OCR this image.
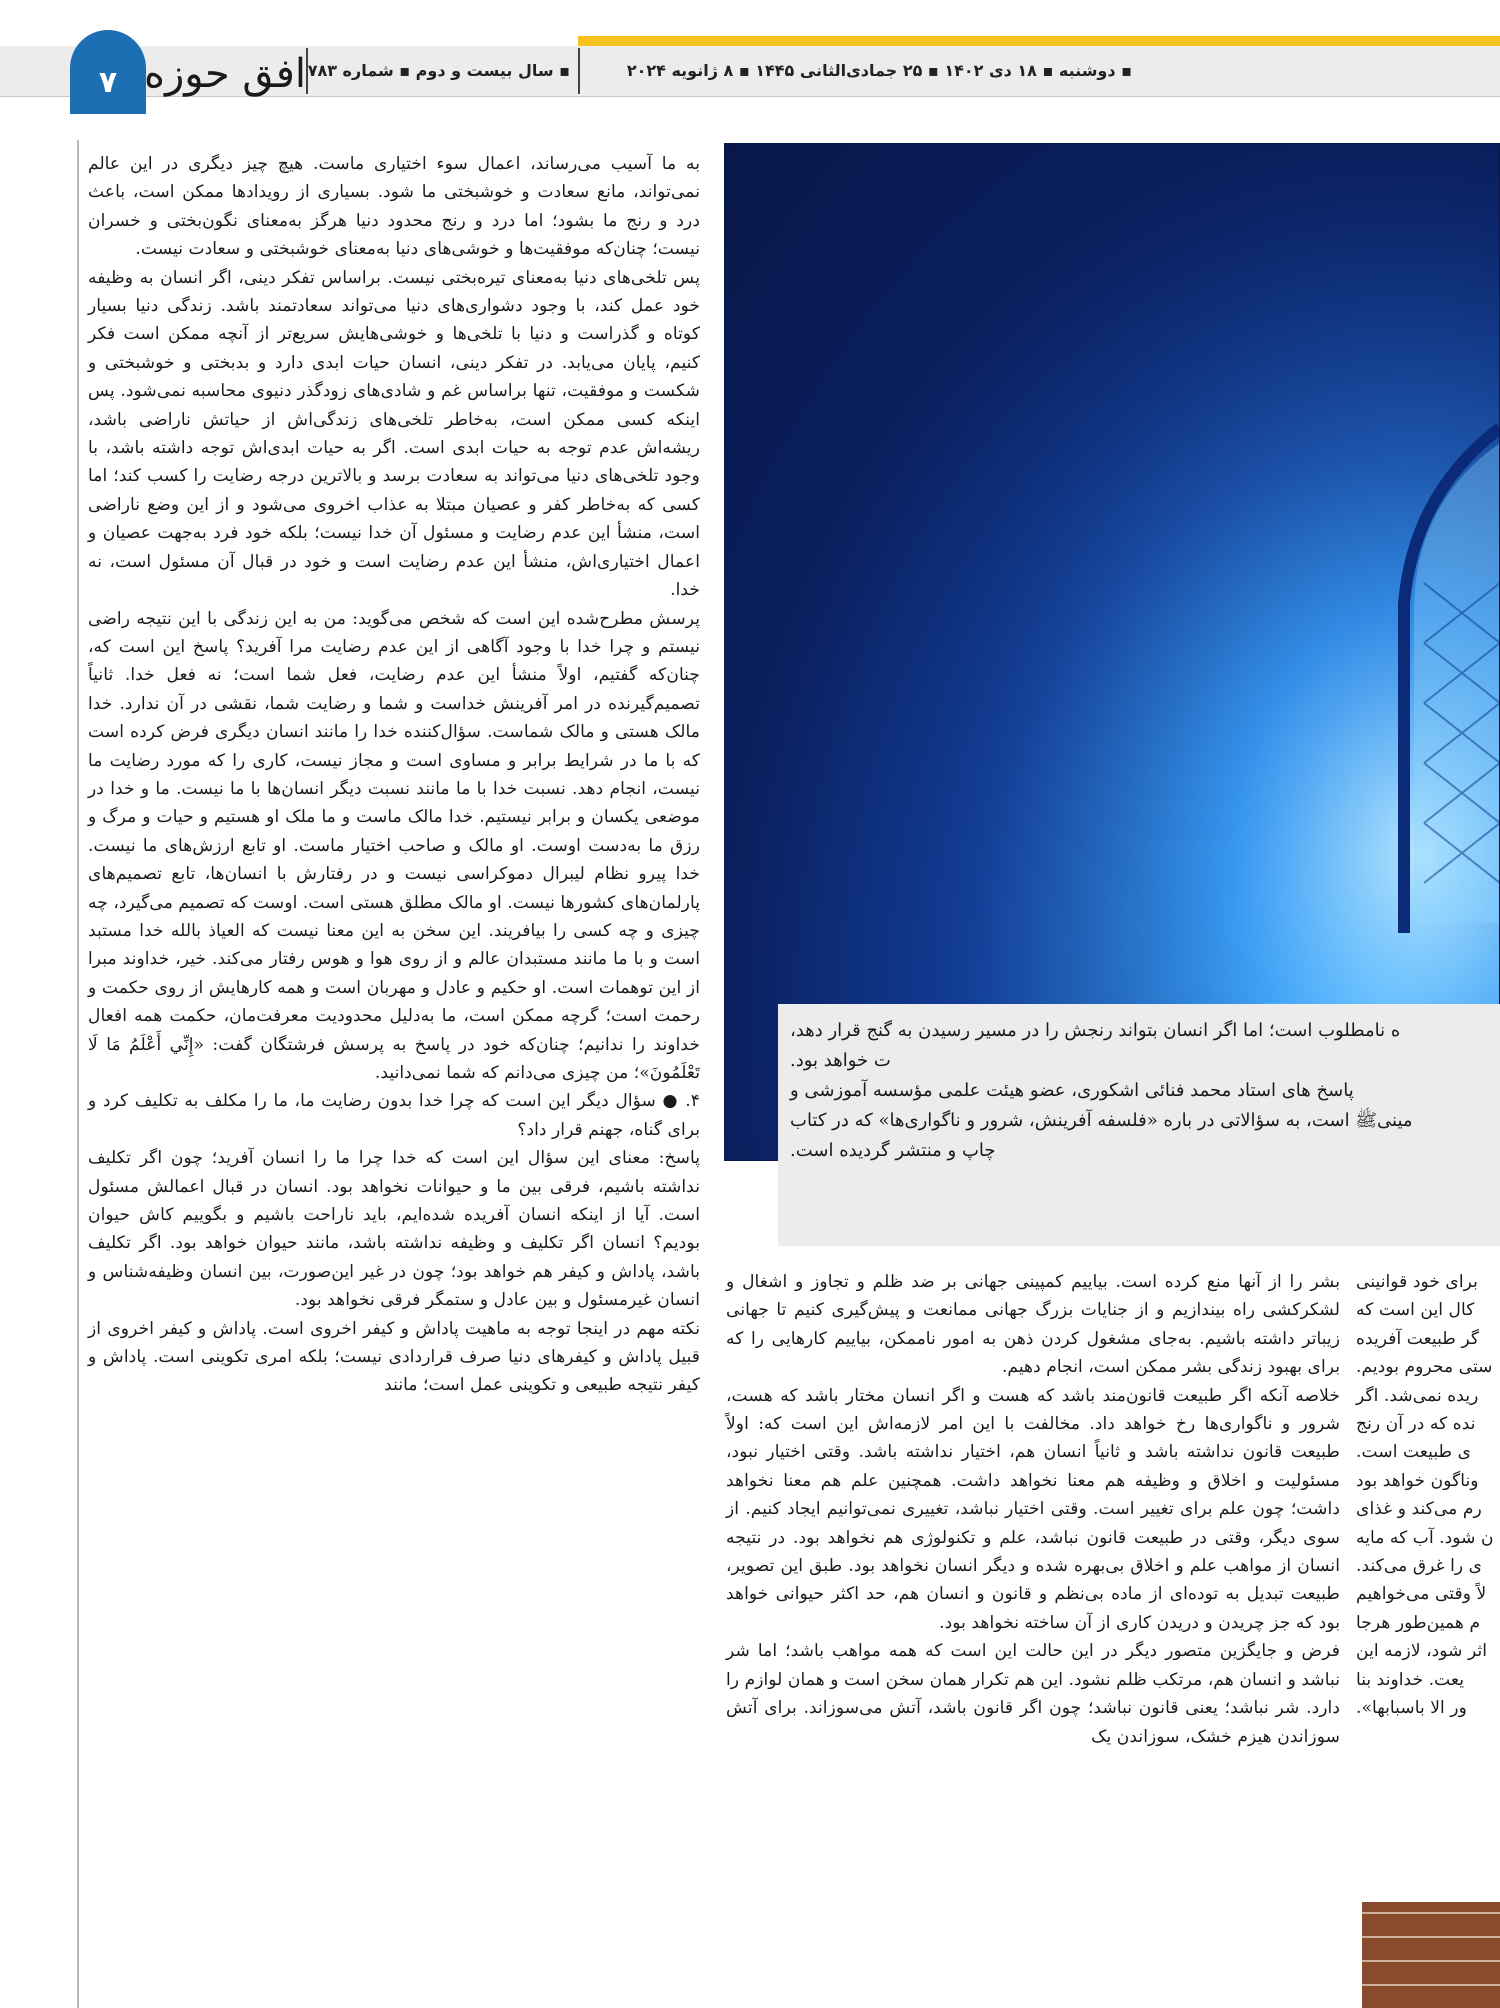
۷ افق حوزه ▪ سال بیست و دوم ▪ شماره ۷۸۳	▪ دوشنبه ▪ ۱۸ دی ۱۴۰۲ ▪ ۲۵ جمادی‌الثانی ۱۴۴۵ ▪ ۸ ژانویه ۲۰۲۴

به ما آسیب می‌رساند، اعمال سوء اختیاری ماست. هیچ چیز دیگری در این عالم نمی‌تواند، مانع سعادت و خوشبختی ما شود. بسیاری از رویدادها ممکن است، باعث درد و رنج ما بشود؛ اما درد و رنج محدود دنیا هرگز به‌معنای نگون‌بختی و خسران نیست؛ چنان‌که موفقیت‌ها و خوشی‌های دنیا به‌معنای خوشبختی و سعادت نیست.

پس تلخی‌های دنیا به‌معنای تیره‌بختی نیست. براساس تفکر دینی، اگر انسان به وظیفه خود عمل کند، با وجود دشواری‌های دنیا می‌تواند سعادتمند باشد. زندگی دنیا بسیار کوتاه و گذراست و دنیا با تلخی‌ها و خوشی‌هایش سریع‌تر از آنچه ممکن است فکر کنیم، پایان می‌یابد. در تفکر دینی، انسان حیات ابدی دارد و بدبختی و خوشبختی و شکست و موفقیت، تنها براساس غم و شادی‌های زودگذر دنیوی محاسبه نمی‌شود. پس اینکه کسی ممکن است، به‌خاطر تلخی‌های زندگی‌اش از حیاتش ناراضی باشد، ریشه‌اش عدم توجه به حیات ابدی است. اگر به حیات ابدی‌اش توجه داشته باشد، با وجود تلخی‌های دنیا می‌تواند به سعادت برسد و بالاترین درجه رضایت را کسب کند؛ اما کسی که به‌خاطر کفر و عصیان مبتلا به عذاب اخروی می‌شود و از این وضع ناراضی است، منشأ این عدم رضایت و مسئول آن خدا نیست؛ بلکه خود فرد به‌جهت عصیان و اعمال اختیاری‌اش، منشأ این عدم رضایت است و خود در قبال آن مسئول است، نه خدا.

پرسش مطرح‌شده این است که شخص می‌گوید: من به این زندگی با این نتیجه راضی نیستم و چرا خدا با وجود آگاهی از این عدم رضایت مرا آفرید؟ پاسخ این است که، چنان‌که گفتیم، اولاً منشأ این عدم رضایت، فعل شما است؛ نه فعل خدا. ثانیاً تصمیم‌گیرنده در امر آفرینش خداست و شما و رضایت شما، نقشی در آن ندارد. خدا مالک هستی و مالک شماست. سؤال‌کننده خدا را مانند انسان دیگری فرض کرده است که با ما در شرایط برابر و مساوی است و مجاز نیست، کاری را که مورد رضایت ما نیست، انجام دهد. نسبت خدا با ما مانند نسبت دیگر انسان‌ها با ما نیست. ما و خدا در موضعی یکسان و برابر نیستیم. خدا مالک ماست و ما ملک او هستیم و حیات و مرگ و رزق ما به‌دست اوست. او مالک و صاحب اختیار ماست. او تابع ارزش‌های ما نیست. خدا پیرو نظام لیبرال دموکراسی نیست و در رفتارش با انسان‌ها، تابع تصمیم‌های پارلمان‌های کشورها نیست. او مالک مطلق هستی است. اوست که تصمیم می‌گیرد، چه چیزی و چه کسی را بیافریند. این سخن به این معنا نیست که العیاذ بالله خدا مستبد است و با ما مانند مستبدان عالم و از روی هوا و هوس رفتار می‌کند. خیر، خداوند مبرا از این توهمات است. او حکیم و عادل و مهربان است و همه کارهایش از روی حکمت و رحمت است؛ گرچه ممکن است، ما به‌دلیل محدودیت معرفت‌مان، حکمت همه افعال خداوند را ندانیم؛ چنان‌که خود در پاسخ به پرسش فرشتگان گفت: «إِنِّي أَعْلَمُ مَا لَا تَعْلَمُونَ»؛ من چیزی می‌دانم که شما نمی‌دانید.

۴. ● سؤال دیگر این است که چرا خدا بدون رضایت ما، ما را مکلف به تکلیف کرد و برای گناه، جهنم قرار داد؟

پاسخ: معنای این سؤال این است که خدا چرا ما را انسان آفرید؛ چون اگر تکلیف نداشته باشیم، فرقی بین ما و حیوانات نخواهد بود. انسان در قبال اعمالش مسئول است. آیا از اینکه انسان آفریده شده‌ایم، باید ناراحت باشیم و بگوییم کاش حیوان بودیم؟ انسان اگر تکلیف و وظیفه نداشته باشد، مانند حیوان خواهد بود. اگر تکلیف باشد، پاداش و کیفر هم خواهد بود؛ چون در غیر این‌صورت، بین انسان وظیفه‌شناس و انسان غیرمسئول و بین عادل و ستمگر فرقی نخواهد بود.

نکته مهم در اینجا توجه به ماهیت پاداش و کیفر اخروی است. پاداش و کیفر اخروی از قبیل پاداش و کیفرهای دنیا صرف قراردادی نیست؛ بلکه امری تکوینی است. پاداش و کیفر نتیجه طبیعی و تکوینی عمل است؛ مانند

ه نامطلوب است؛ اما اگر انسان بتواند رنجش را در مسیر رسیدن به گنج قرار دهد،
ت خواهد بود.
پاسخ های استاد محمد فنائی اشکوری، عضو هیئت علمی مؤسسه آموزشی و
مینی‌ﷺ است، به سؤالاتی در باره «فلسفه آفرینش، شرور و ناگواری‌ها» که در کتاب
چاپ و منتشر گردیده است.

بشر را از آنها منع کرده است. بیاییم کمپینی جهانی بر ضد ظلم و تجاوز و اشغال و لشکرکشی راه بیندازیم و از جنایات بزرگ جهانی ممانعت و پیش‌گیری کنیم تا جهانی زیباتر داشته باشیم. به‌جای مشغول کردن ذهن به امور ناممکن، بیاییم کارهایی را که برای بهبود زندگی بشر ممکن است، انجام دهیم.

خلاصه آنکه اگر طبیعت قانون‌مند باشد که هست و اگر انسان مختار باشد که هست، شرور و ناگواری‌ها رخ خواهد داد. مخالفت با این امر لازمه‌اش این است که: اولاً طبیعت قانون نداشته باشد و ثانیاً انسان هم، اختیار نداشته باشد. وقتی اختیار نبود، مسئولیت و اخلاق و وظیفه هم معنا نخواهد داشت. همچنین علم هم معنا نخواهد داشت؛ چون علم برای تغییر است. وقتی اختیار نباشد، تغییری نمی‌توانیم ایجاد کنیم. از سوی دیگر، وقتی در طبیعت قانون نباشد، علم و تکنولوژی هم نخواهد بود. در نتیجه انسان از مواهب علم و اخلاق بی‌بهره شده و دیگر انسان نخواهد بود. طبق این تصویر، طبیعت تبدیل به توده‌ای از ماده بی‌نظم و قانون و انسان هم، حد اکثر حیوانی خواهد بود که جز چریدن و دریدن کاری از آن ساخته نخواهد بود.

فرض و جایگزین متصور دیگر در این حالت این است که همه مواهب باشد؛ اما شر نباشد و انسان هم، مرتکب ظلم نشود. این هم تکرار همان سخن است و همان لوازم را دارد. شر نباشد؛ یعنی قانون نباشد؛ چون اگر قانون باشد، آتش می‌سوزاند. برای آتش سوزاندن هیزم خشک، سوزاندن یک

برای خود قوانینی

کال این است که

گر طبیعت آفریده

ستی محروم بودیم.

ریده نمی‌شد. اگر

نده که در آن رنج

ی طبیعت است.

وناگون خواهد بود

رم می‌کند و غذای

ن شود. آب که مایه

ی را غرق می‌کند.

لاً وقتی می‌خواهیم

م همین‌طور هرجا

اثر شود، لازمه این

یعت. خداوند بنا

ور الا باسبابها».
